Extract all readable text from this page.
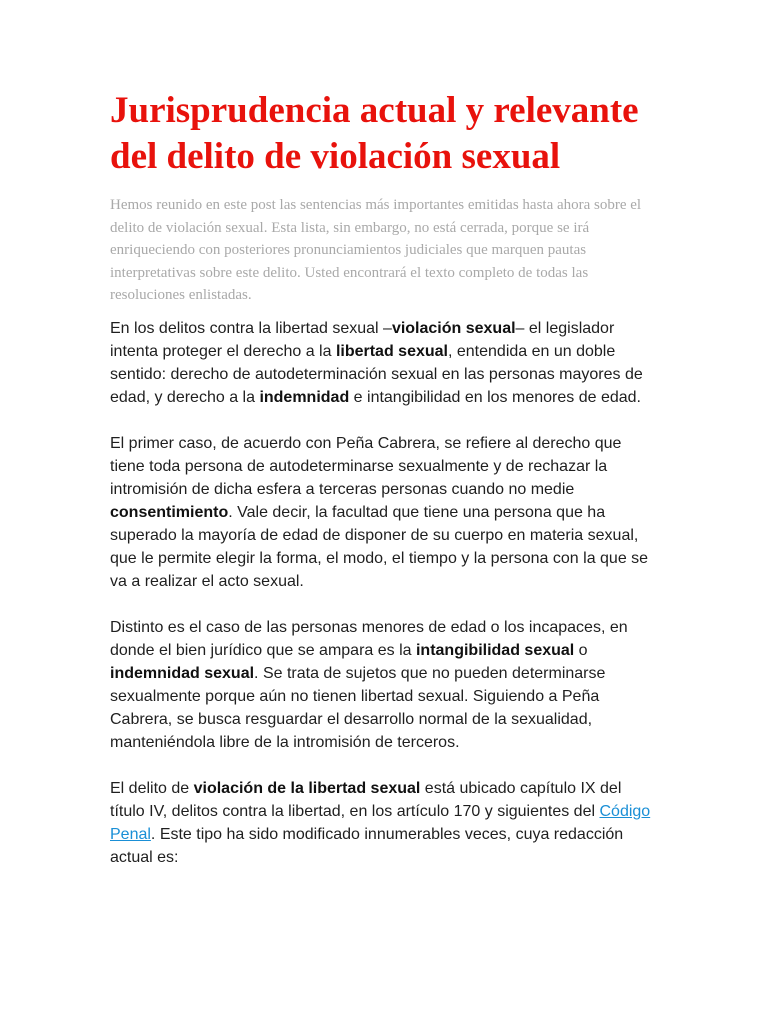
Jurisprudencia actual y relevante del delito de violación sexual

Hemos reunido en este post las sentencias más importantes emitidas hasta ahora sobre el delito de violación sexual. Esta lista, sin embargo, no está cerrada, porque se irá enriqueciendo con posteriores pronunciamientos judiciales que marquen pautas interpretativas sobre este delito. Usted encontrará el texto completo de todas las resoluciones enlistadas.

En los delitos contra la libertad sexual –violación sexual– el legislador intenta proteger el derecho a la libertad sexual, entendida en un doble sentido: derecho de autodeterminación sexual en las personas mayores de edad, y derecho a la indemnidad e intangibilidad en los menores de edad.

El primer caso, de acuerdo con Peña Cabrera, se refiere al derecho que tiene toda persona de autodeterminarse sexualmente y de rechazar la intromisión de dicha esfera a terceras personas cuando no medie consentimiento. Vale decir, la facultad que tiene una persona que ha superado la mayoría de edad de disponer de su cuerpo en materia sexual, que le permite elegir la forma, el modo, el tiempo y la persona con la que se va a realizar el acto sexual.

Distinto es el caso de las personas menores de edad o los incapaces, en donde el bien jurídico que se ampara es la intangibilidad sexual o indemnidad sexual. Se trata de sujetos que no pueden determinarse sexualmente porque aún no tienen libertad sexual. Siguiendo a Peña Cabrera, se busca resguardar el desarrollo normal de la sexualidad, manteniéndola libre de la intromisión de terceros.

El delito de violación de la libertad sexual está ubicado capítulo IX del título IV, delitos contra la libertad, en los artículo 170 y siguientes del Código Penal. Este tipo ha sido modificado innumerables veces, cuya redacción actual es:
